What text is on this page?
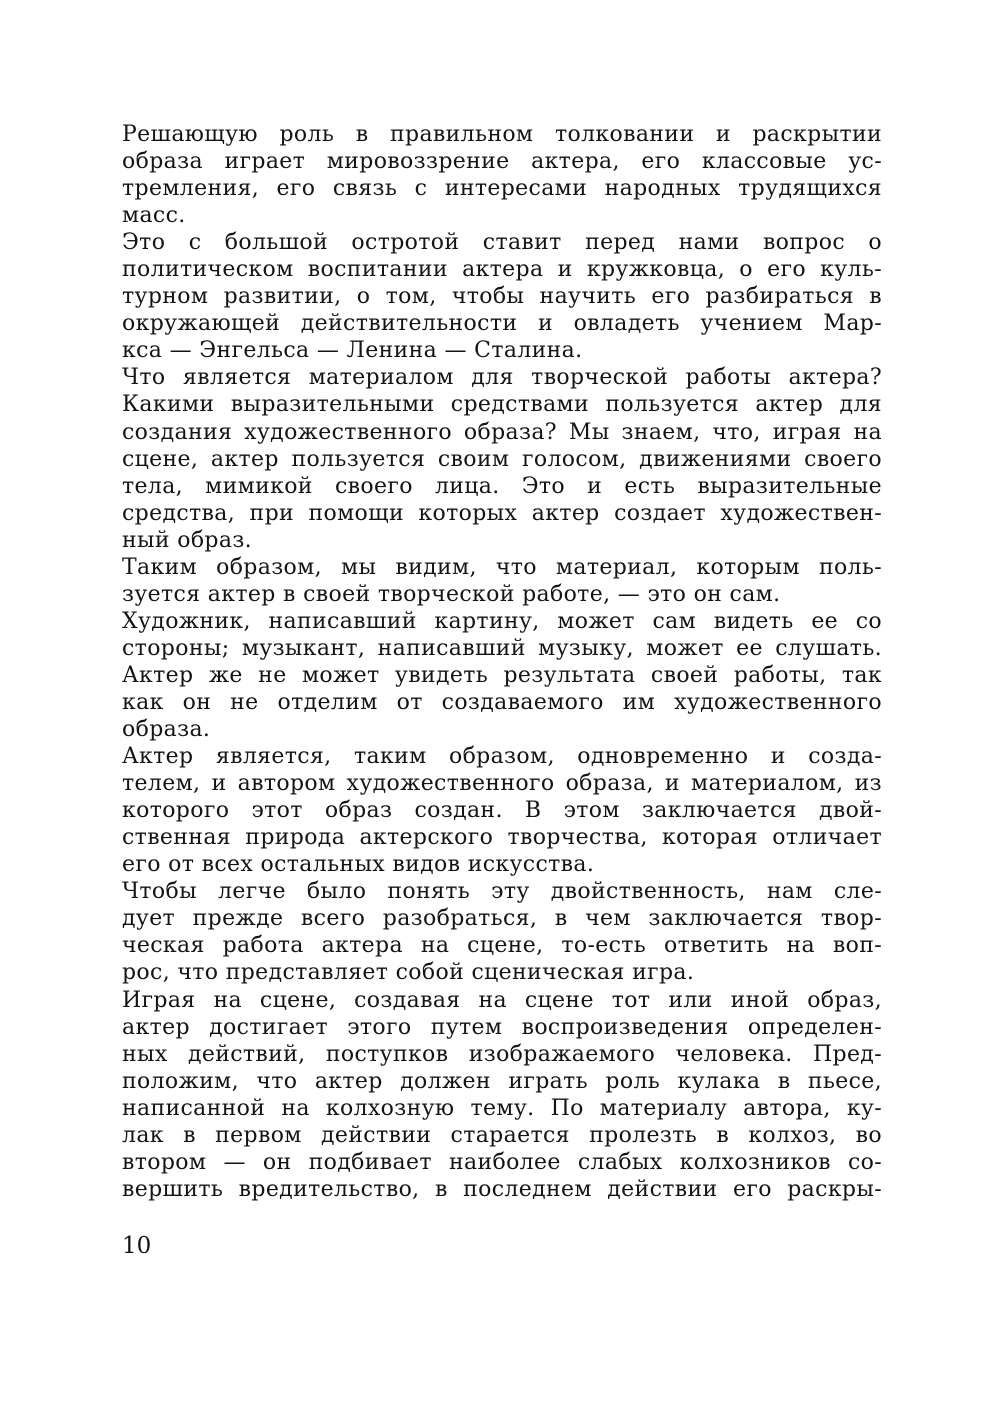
Решающую роль в правильном толковании и раскрытии
образа играет мировоззрение актера, его классовые ус-
тремления, его связь с интересами народных трудящихся
масс.
Это с большой остротой ставит перед нами вопрос о
политическом воспитании актера и кружковца, о его куль-
турном развитии, о том, чтобы научить его разбираться в
окружающей действительности и овладеть учением Мар-
кса — Энгельса — Ленина — Сталина.
Что является материалом для творческой работы актера?
Какими выразительными средствами пользуется актер для
создания художественного образа? Мы знаем, что, играя на
сцене, актер пользуется своим голосом, движениями своего
тела, мимикой своего лица. Это и есть выразительные
средства, при помощи которых актер создает художествен-
ный образ.
Таким образом, мы видим, что материал, которым поль-
зуется актер в своей творческой работе, — это он сам.
Художник, написавший картину, может сам видеть ее со
стороны; музыкант, написавший музыку, может ее слушать.
Актер же не может увидеть результата своей работы, так
как он не отделим от создаваемого им художественного
образа.
Актер является, таким образом, одновременно и созда-
телем, и автором художественного образа, и материалом, из
которого этот образ создан. В этом заключается двой-
ственная природа актерского творчества, которая отличает
его от всех остальных видов искусства.
Чтобы легче было понять эту двойственность, нам сле-
дует прежде всего разобраться, в чем заключается твор-
ческая работа актера на сцене, то-есть ответить на воп-
рос, что представляет собой сценическая игра.
Играя на сцене, создавая на сцене тот или иной образ,
актер достигает этого путем воспроизведения определен-
ных действий, поступков изображаемого человека. Пред-
положим, что актер должен играть роль кулака в пьесе,
написанной на колхозную тему. По материалу автора, ку-
лак в первом действии старается пролезть в колхоз, во
втором — он подбивает наиболее слабых колхозников со-
вершить вредительство, в последнем действии его раскры-
10
